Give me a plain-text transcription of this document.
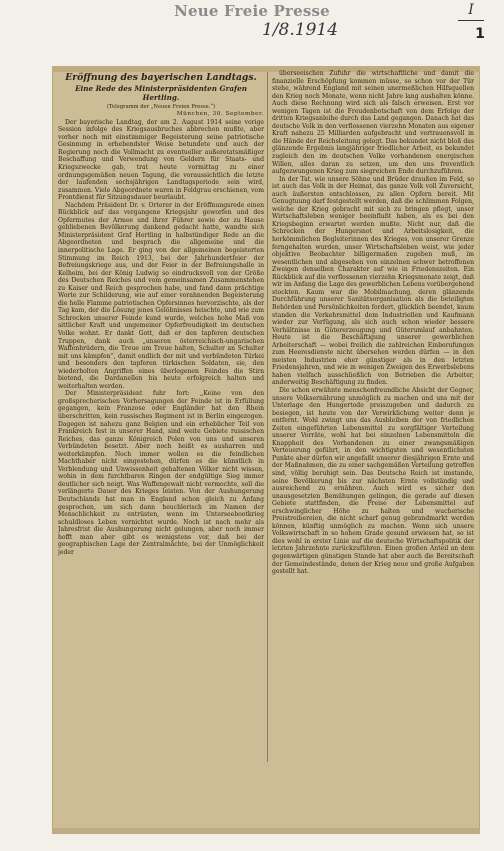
Neue Freie Presse
1/8.1914
I
1
Eröffnung des bayerischen Landtags.
Eine Rede des Ministerpräsidenten Grafen Hertling.
(Telegramm der „Neuen Freien Presse.“)
München, 30. September.

Der bayerische Landtag, der am 2. August 1914 seine vorige Session infolge des Kriegsausbruches abbrechen mußte, aber vorher noch mit einstimmiger Begeisterung seine patriotische Gesinnung in erhebendster Weise betundete und auch der Regierung noch die Vollmacht zu eventueller außeretatsmäßiger Beschaffung und Verwendung von Geldern für Staats- und Kriegszwecke gab, trat heute vormittag zu einer ordnungsgemäßen neuen Tagung, die voraussichtlich die letzte der laufenden sechsjährigen Landtagsperiode sein wird, zusammen. Viele Abgeordnete waren in Feldgrau erschienen, vom Frontdienst für Sitzungsdauer beurlaubt.

Nachdem Präsident Dr. v. Orterer in der Eröffnungsrede einen Rückblick auf das vergangene Kriegsjahr geworfen und des Opfermutes der Armee und ihrer Führer sowie der zu Hause gebliebenen Bevölkerung dankend gedacht hatte, wandte sich Ministerpräsident Graf Hertling in halbstündiger Rede an die Abgeordneten und besprach die allgemeine und die innerpolitische Lage. Er ging von der allgemeinen begeisterten Stimmung im Reich 1913, bei der Jahrhundertfeier der Befreiungskriege aus, und der Feier in der Befreiungshalle in Kelheim, bei der König Ludwig so eindrucksvoll von der Größe des Deutschen Reiches und vom gemeinsamen Zusammenstehen zu Kaiser und Reich gesprochen habe, und fand dann prächtige Worte zur Schilderung, wie auf einer vorahnenden Begeisterung die helle Flamme patriotischen Opfersinnes hervorzischte, als der Tag kam, der die Lösung jenes Gelöbnisses heischte, und wie zum Schrecken unserer Feinde kund wurde, welches hohe Maß von sittlicher Kraft und ungemeiner Opferfreudigkeit im deutschen Volke wohnt. Er dankt Gott, daß er den tapferen deutschen Truppen, dank auch „unseren österreichisch-ungarischen Waffenbrüdern, die Treue um Treue halten, Schulter an Schulter mit uns kämpfen“, damit endlich der mit und verbündeten Türkei und besonders den tapferen türkischen Soldaten, sie, den wiederholten Angriffen eines überlegenen Feindes die Stirn bietend, die Dardanellen bis heute erfolgreich halten und weiterhalten werden.

Der Ministerpräsident fuhr fort: „Keine von den großsprecherischen Vorhersagungen der Feinde ist in Erfüllung gegangen, kein Franzose oder Engländer hat den Rhein überschritten, kein russisches Regiment ist in Berlin eingezogen. Dagegen ist nahezu ganz Belgien und ein erheblicher Teil von Frankreich fest in unserer Hand, sind weite Gebiete russischen Reiches, das ganze Königreich Polen von uns und unseren Verbündeten besetzt. Aber noch heißt es ausharren und weiterkämpfen. Noch immer wollen es die feindlichen Machthaber nicht eingestehen, dürfen es die künstlich in Verblendung und Unwissenheit gehaltenen Völker nicht wissen, wohin in dem furchtbaren Ringen der endgültige Sieg immer deutlicher sich neigt. Was Waffengewalt nicht vermochte, soll die verlängerte Dauer des Krieges leisten. Von der Aushungerung Deutschlands hat man in England schon gleich zu Anfang gesprochen, um sich dann heuchlerisch im Namen der Menschlichkeit zu entrüsten, wenn im Unterseebootkrieg schuldloses Leben vernichtet wurde. Noch ist nach mehr als Jahresfrist die Aushungerung nicht gelungen, aber noch immer hofft man aber gibt es wenigstens vor, daß bei der geographischen Lage der Zentralmächte, bei der Unmöglichkeit jeder

überseeischen Zufuhr die wirtschaftliche und damit die finanzielle Erschöpfung kommen müsse, so schon vor der Tür stehe, während England mit seinen unermeßlichen Hilfsquellen den Krieg noch Monate, wenn nicht Jahre lang aushalten könne. Auch diese Rechnung wird sich als falsch erweisen. Erst vor wenigen Tagen ist die Freudenbotschaft von dem Erfolge der dritten Kriegsanleihe durch das Land gegangen. Danach hat das deutsche Volk in den verflossenen vierzehn Monaten aus eigener Kraft nahezu 25 Milliarden aufgebracht und vertrauensvoll in die Hände der Reichsleitung gelegt. Das bekundet nicht bloß das glänzende Ergebnis langjähriger friedlicher Arbeit, es bekundet zugleich den im deutschen Volke vorhandenen energischen Willen, alles daran zu setzen, um den uns freventlich aufgezwungenen Krieg zum siegreichen Ende durchzuführen.

In der Tat, wie unsere Söhne und Brüder draußen im Feld, so ist auch das Volk in der Heimat, das ganze Volk voll Zuversicht, auch äußersten entschlossen, zu allen Opfern bereit. Mit Genugtuung darf festgestellt werden, daß die schlimmen Folgen, welche der Krieg gebracht mit sich zu bringen pflegt, unser Wirtschaftsleben weniger beeinflußt haben, als es bei den Kriegsbeginn erwartet werden mußte. Nicht nur, daß die Schrecken der Hungersnot und Arbeitslosigkeit, die herkömmlichen Begleiterinnen des Krieges, von unserer Grenze ferngehalten wurden, unser Wirtschaftsleben weist, wie jeder objektive Beobachter billigermaßen zugeben muß, im wesentlichen und abgesehen von einzelnen schwer betroffenen Zweigen denselben Charakter auf wie in Friedenszeiten. Ein Rückblick auf die verflossenen vierzehn Kriegsmonate zeigt, daß wir im Anfang die Lage des gewerblichen Lebens vorübergehend stockten. Kaum war die Mobilmachung, deren glänzende Durchführung unserer Sanitätsorganisation als die beteiligten Behörden und Persönlichkeiten fordert, glücklich beendet, kaum standen die Verkehrsmittel dem Industriellen und Kaufmann wieder zur Verfügung, als sich auch schon wieder bessere Verhältnisse in Gütererzeugung und Güterumlauf anbahnten. Heute ist die Beschäftigung unserer gewerblichen Arbeiterschaft — wobei freilich die zahlreichen Einberufungen zum Heeresdienste nicht übersehen werden dürfen — in den meisten Industrien eher günstiger als in den letzten Friedensjahren, und wie in wenigen Zweigen des Erwerbslebens haben vielfach ausschließlich von Betrieben die Arbeiter, anderweitig Beschäftigung zu finden.

Die schon erwähnte menschenfreundliche Absicht der Gegner, unsere Volksernährung unmöglich zu machen und uns mit der Unterlage den Hungertode preiszugeben und dadurch zu besiegen, ist heute von der Verwirklichung weiter denn je entfernt. Wohl zwingt uns das Ausbleiben der von friedlichen Zeiten eingeführten Lebensmittel zu sorgfältiger Verteilung unserer Vorräte, wohl hat bei einzelnen Lebensmitteln die Knappheit des Vorhandenen zu einer zwangsmäßigen Verteuerung geführt, in den wichtigsten und wesentlichsten Punkte aber dürfen wir angefaßt unserer diesjährigen Ernte und der Maßnahmen, die zu einer sachgemäßen Verteilung getroffen sind, völlig beruhigt sein. Das Deutsche Reich ist imstande, seine Bevölkerung bis zur nächsten Ernte vollständig und ausreichend zu ernähren. Auch wird es sicher den unausgesetzten Bemühungen gelingen, die gerade auf diesen Gebiete stattfinden, die Preise der Lebensmittel auf erschwinglicher Höhe zu halten und wucherische Preistreibereien, die nicht scharf genug gebrandmarkt werden können, künftig unmöglich zu machen. Wenn sich unsere Volkswirtschaft in so hohem Grade gesund erwiesen hat, so ist dies wohl in erster Linie auf die deutsche Wirtschaftspolitik der letzten Jahrzehnte zurückzuführen. Einen großen Anteil an dem gegenwärtigen günstigen Stande hat aber auch die Bereitschaft der Gemeindestände, denen der Krieg neue und große Aufgaben gestellt hat.
